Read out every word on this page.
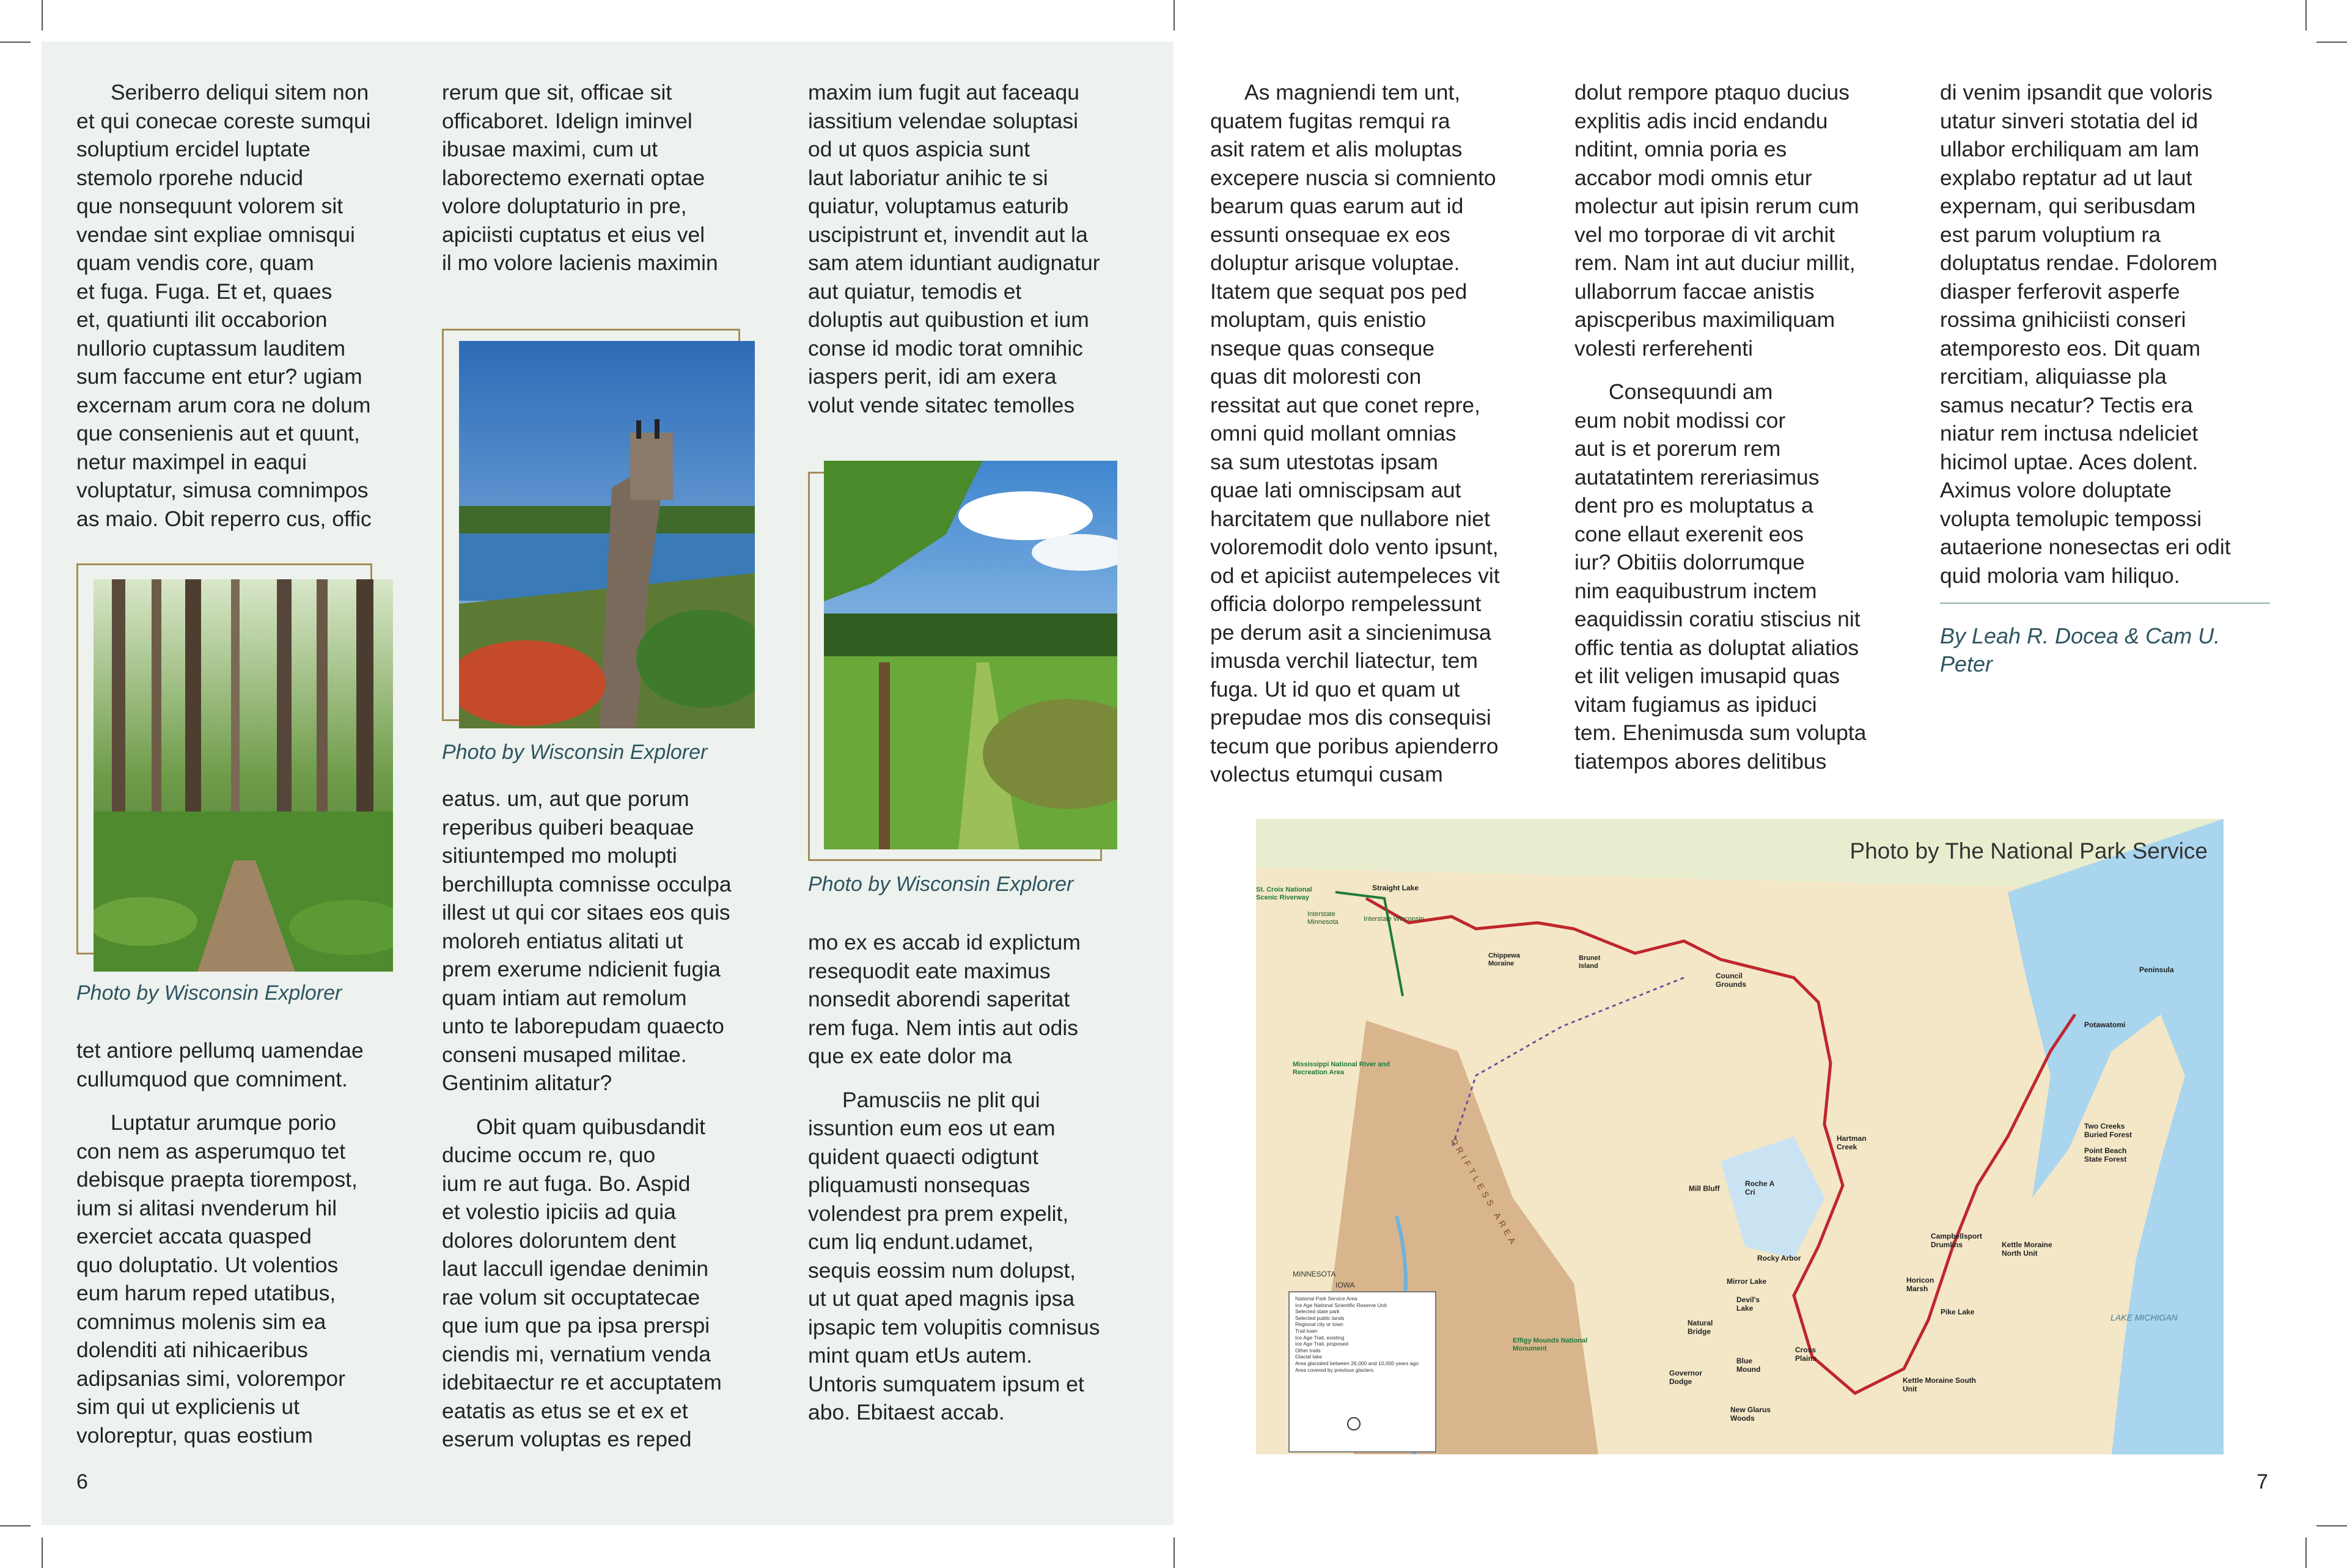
Seriberro deliqui sitem non
et qui conecae coreste sumqui
soluptium ercidel luptate
stemolo rporehe nducid
que nonsequunt volorem sit
vendae sint expliae omnisqui
quam vendis core, quam
et fuga. Fuga. Et et, quaes
et, quatiunti ilit occaborion
nullorio cuptassum lauditem
sum faccume ent etur? ugiam
excernam arum cora ne dolum
que consenienis aut et quunt,
netur maximpel in eaqui
voluptatur, simusa comnimpos
as maio. Obit reperro cus, offic

Photo by Wisconsin Explorer

tet antiore pellumq uamendae
cullumquod que comniment.

Luptatur arumque porio
con nem as asperumquo tet
debisque praepta tiorempost,
ium si alitasi nvenderum hil
exerciet accata quasped
quo doluptatio. Ut volentios
eum harum reped utatibus,
comnimus molenis sim ea
dolenditi ati nihicaeribus
adipsanias simi, volorempor
sim qui ut explicienis ut
voloreptur, quas eostium

rerum que sit, officae sit
officaboret. Idelign iminvel
ibusae maximi, cum ut
laborectemo exernati optae
volore doluptaturio in pre,
apiciisti cuptatus et eius vel
il mo volore lacienis maximin

Photo by Wisconsin Explorer

eatus. um, aut que porum
reperibus quiberi beaquae
sitiuntemped mo molupti
berchillupta comnisse occulpa
illest ut qui cor sitaes eos quis
moloreh entiatus alitati ut
prem exerume ndicienit fugia
quam intiam aut remolum
unto te laborepudam quaecto
conseni musaped militae.
Gentinim alitatur?

Obit quam quibusdandit
ducime occum re, quo
ium re aut fuga. Bo. Aspid
et volestio ipiciis ad quia
dolores doloruntem dent
laut laccull igendae denimin
rae volum sit occuptatecae
que ium que pa ipsa prerspi
ciendis mi, vernatium venda
idebitaectur re et accuptatem
eatatis as etus se et ex et
eserum voluptas es reped

maxim ium fugit aut faceaqu
iassitium velendae soluptasi
od ut quos aspicia sunt
laut laboriatur anihic te si
quiatur, voluptamus eaturib
uscipistrunt et, invendit aut la
sam atem iduntiant audignatur
aut quiatur, temodis et
doluptis aut quibustion et ium
conse id modic torat omnihic
iaspers perit, idi am exera
volut vende sitatec temolles

Photo by Wisconsin Explorer

mo ex es accab id explictum
resequodit eate maximus
nonsedit aborendi saperitat
rem fuga. Nem intis aut odis
que ex eate dolor ma

Pamusciis ne plit qui
issuntion eum eos ut eam
quident quaecti odigtunt
pliquamusti nonsequas
volendest pra prem expelit,
cum liq endunt.udamet,
sequis eossim num dolupst,
ut ut quat aped magnis ipsa
ipsapic tem volupitis comnisus
mint quam etUs autem.
Untoris sumquatem ipsum et
abo. Ebitaest accab.

6

As magniendi tem unt,
quatem fugitas remqui ra
asit ratem et alis moluptas
excepere nuscia si comniento
bearum quas earum aut id
essunti onsequae ex eos
doluptur arisque voluptae.
Itatem que sequat pos ped
moluptam, quis enistio
nseque quas conseque
quas dit moloresti con
ressitat aut que conet repre,
omni quid mollant omnias
sa sum utestotas ipsam
quae lati omniscipsam aut
harcitatem que nullabore niet
voloremodit dolo vento ipsunt,
od et apiciist autempeleces vit
officia dolorpo rempelessunt
pe derum asit a sincienimusa
imusda verchil liatectur, tem
fuga. Ut id quo et quam ut
prepudae mos dis consequisi
tecum que poribus apienderro
volectus etumqui cusam

dolut rempore ptaquo ducius
explitis adis incid endandu
nditint, omnia poria es
accabor modi omnis etur
molectur aut ipisin rerum cum
vel mo torporae di vit archit
rem. Nam int aut duciur millit,
ullaborrum faccae anistis
apiscperibus maximiliquam
volesti rerferehenti

Consequundi am
eum nobit modissi cor
aut is et porerum rem
autatatintem rereriasimus
dent pro es moluptatus a
cone ellaut exerenit eos
iur? Obitiis dolorrumque
nim eaquibustrum inctem
eaquidissin coratiu stiscius nit
offic tentia as doluptat aliatios
et ilit veligen imusapid quas
vitam fugiamus as ipiduci
tem. Ehenimusda sum volupta
tiatempos abores delitibus

di venim ipsandit que voloris
utatur sinveri stotatia del id
ullabor erchiliquam am lam
explabo reptatur ad ut laut
expernam, qui seribusdam
est parum voluptium ra
doluptatus rendae. Fdolorem
diasper ferferovit asperfe
rossima gnihiciisti conseri
atemporesto eos. Dit quam
rercitiam, aliquiasse pla
samus necatur? Tectis era
niatur rem inctusa ndeliciet
hicimol uptae. Aces dolent.
Aximus volore doluptate
volupta temolupic tempossi
autaerione nonesectas eri odit
quid moloria vam hiliquo.

By Leah R. Docea & Cam U.
Peter
Photo by The National Park Service
LAKE MICHIGAN
MINNESOTA
IOWA
DRIFTLESS AREA
St. Croix National Scenic Riverway
Interstate Minnesota	Interstate Wisconsin
Mississippi National River and Recreation Area
Effigy Mounds National Monument
Straight Lake
Council Grounds
Chippewa Moraine
Brunet Island
Hartman Creek
Mill Bluff
Roche A Cri
Rocky Arbor
Mirror Lake
Devil's Lake
Natural Bridge
Cross Plains
Blue Mound
Governor Dodge
New Glarus Woods
Kettle Moraine South Unit
Kettle Moraine North Unit
Horicon Marsh
Pike Lake
Peninsula
Potawatomi
Two Creeks Buried Forest
Point Beach State Forest
Campbellsport Drumlins
National Park Service Area
Ice Age National Scientific Reserve Unit
Selected state park
Selected public lands
Regional city or town
Trail town
Ice Age Trail, existing
Ice Age Trail, proposed
Other trails
Glacial lake
Area glaciated between 26,000 and 10,000 years ago
Area covered by previous glaciers
7
